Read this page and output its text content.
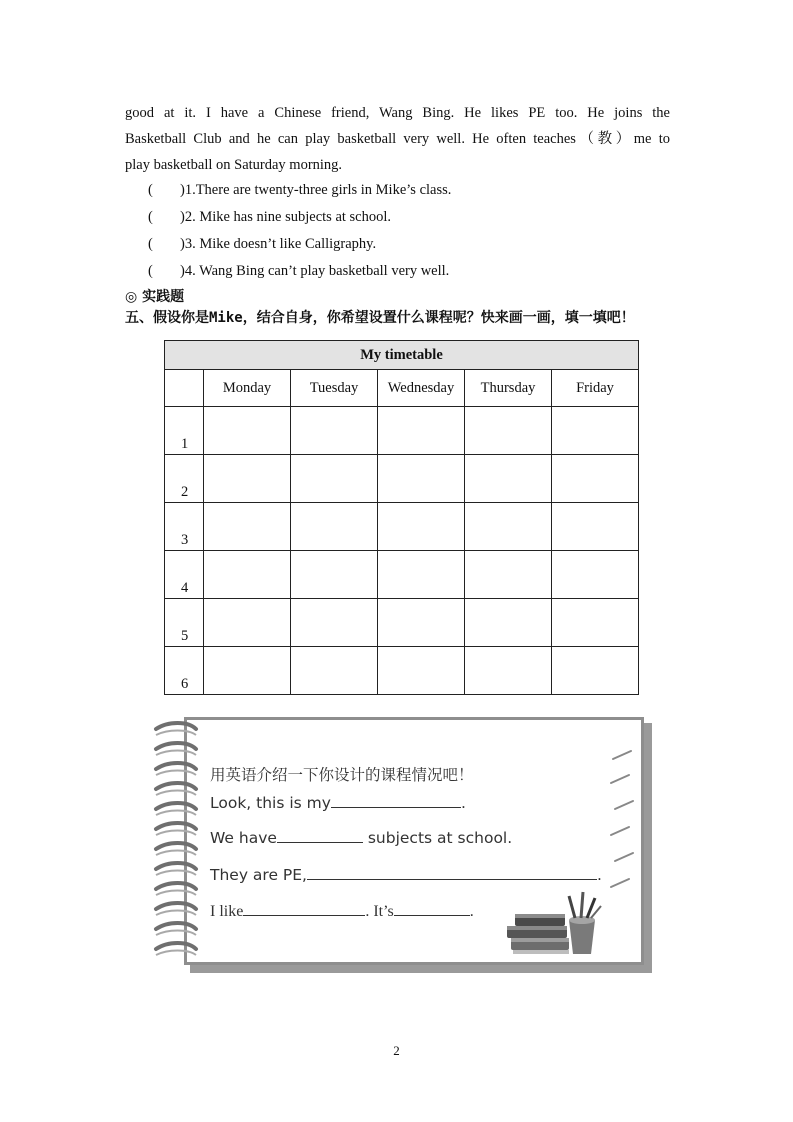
good at it. I have a Chinese friend, Wang Bing. He likes PE too. He joins the
Basketball Club and he can play basketball very well. He often teaches（教）me to
play basketball on Saturday morning.
( )1.There are twenty-three girls in Mike’s class.
( )2. Mike has nine subjects at school.
( )3. Mike doesn’t like Calligraphy.
( )4. Wang Bing can’t play basketball very well.
◎ 实践题
五、假设你是Mike，结合自身，你希望设置什么课程呢？快来画一画，填一填吧！
My timetable					
	Monday	Tuesday	Wednesday	Thursday	Friday
1					
2					
3					
4					
5					
6					
用英语介绍一下你设计的课程情况吧！
Look, this is my	.
We have	subjects at school.
They are PE,	.
I like	. It’s	.
2
